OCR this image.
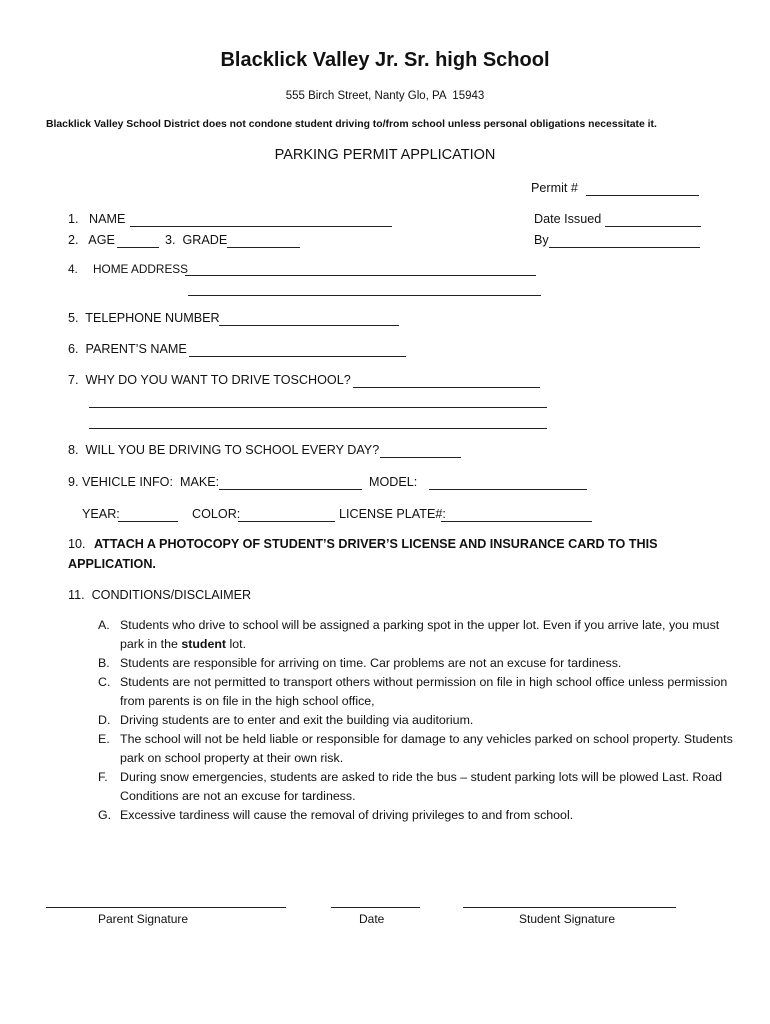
Blacklick Valley Jr. Sr. high School
555 Birch Street, Nanty Glo, PA  15943
Blacklick Valley School District does not condone student driving to/from school unless personal obligations necessitate it.
PARKING PERMIT APPLICATION
Permit #
Date Issued
By
1.   NAME
2.   AGE	3.  GRADE
4. HOME ADDRESS
5.  TELEPHONE NUMBER
6.  PARENT’S NAME
7.  WHY DO YOU WANT TO DRIVE TOSCHOOL?
8.  WILL YOU BE DRIVING TO SCHOOL EVERY DAY?
9. VEHICLE INFO:  MAKE:	MODEL:
YEAR:	COLOR:	LICENSE PLATE#:
10. ATTACH A PHOTOCOPY OF STUDENT’S DRIVER’S LICENSE AND INSURANCE CARD TO THIS
APPLICATION.
11.  CONDITIONS/DISCLAIMER
A. Students who drive to school will be assigned a parking spot in the upper lot. Even if you arrive late, you must park in the student lot.
B. Students are responsible for arriving on time. Car problems are not an excuse for tardiness.
C. Students are not permitted to transport others without permission on file in high school office unless permission from parents is on file in the high school office,
D. Driving students are to enter and exit the building via auditorium.
E. The school will not be held liable or responsible for damage to any vehicles parked on school property. Students park on school property at their own risk.
F. During snow emergencies, students are asked to ride the bus – student parking lots will be plowed Last. Road Conditions are not an excuse for tardiness.
G. Excessive tardiness will cause the removal of driving privileges to and from school.
Parent Signature	Date	Student Signature
